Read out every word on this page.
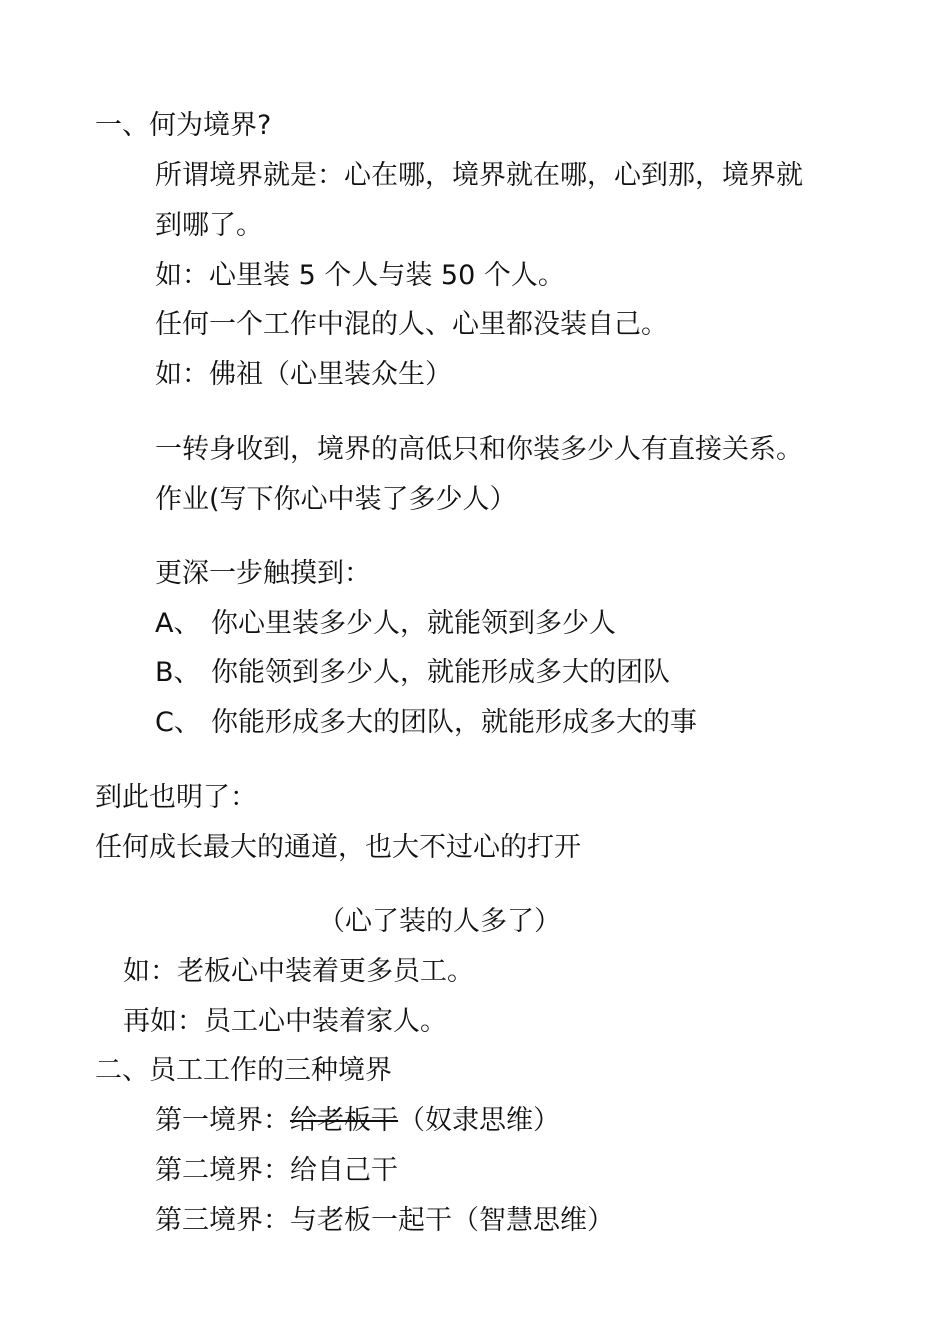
一、何为境界?
所谓境界就是：心在哪，境界就在哪，心到那，境界就
到哪了。
如：心里装 5 个人与装 50 个人。
任何一个工作中混的人、心里都没装自己。
如：佛祖（心里装众生）
一转身收到，境界的高低只和你装多少人有直接关系。
作业(写下你心中装了多少人）
更深一步触摸到：
A、 你心里装多少人，就能领到多少人
B、 你能领到多少人，就能形成多大的团队
C、 你能形成多大的团队，就能形成多大的事
到此也明了：
任何成长最大的通道，也大不过心的打开
（心了装的人多了）
如：老板心中装着更多员工。
再如：员工心中装着家人。
二、员工工作的三种境界
第一境界：给老板干（奴隶思维）
第二境界：给自己干
第三境界：与老板一起干（智慧思维）
